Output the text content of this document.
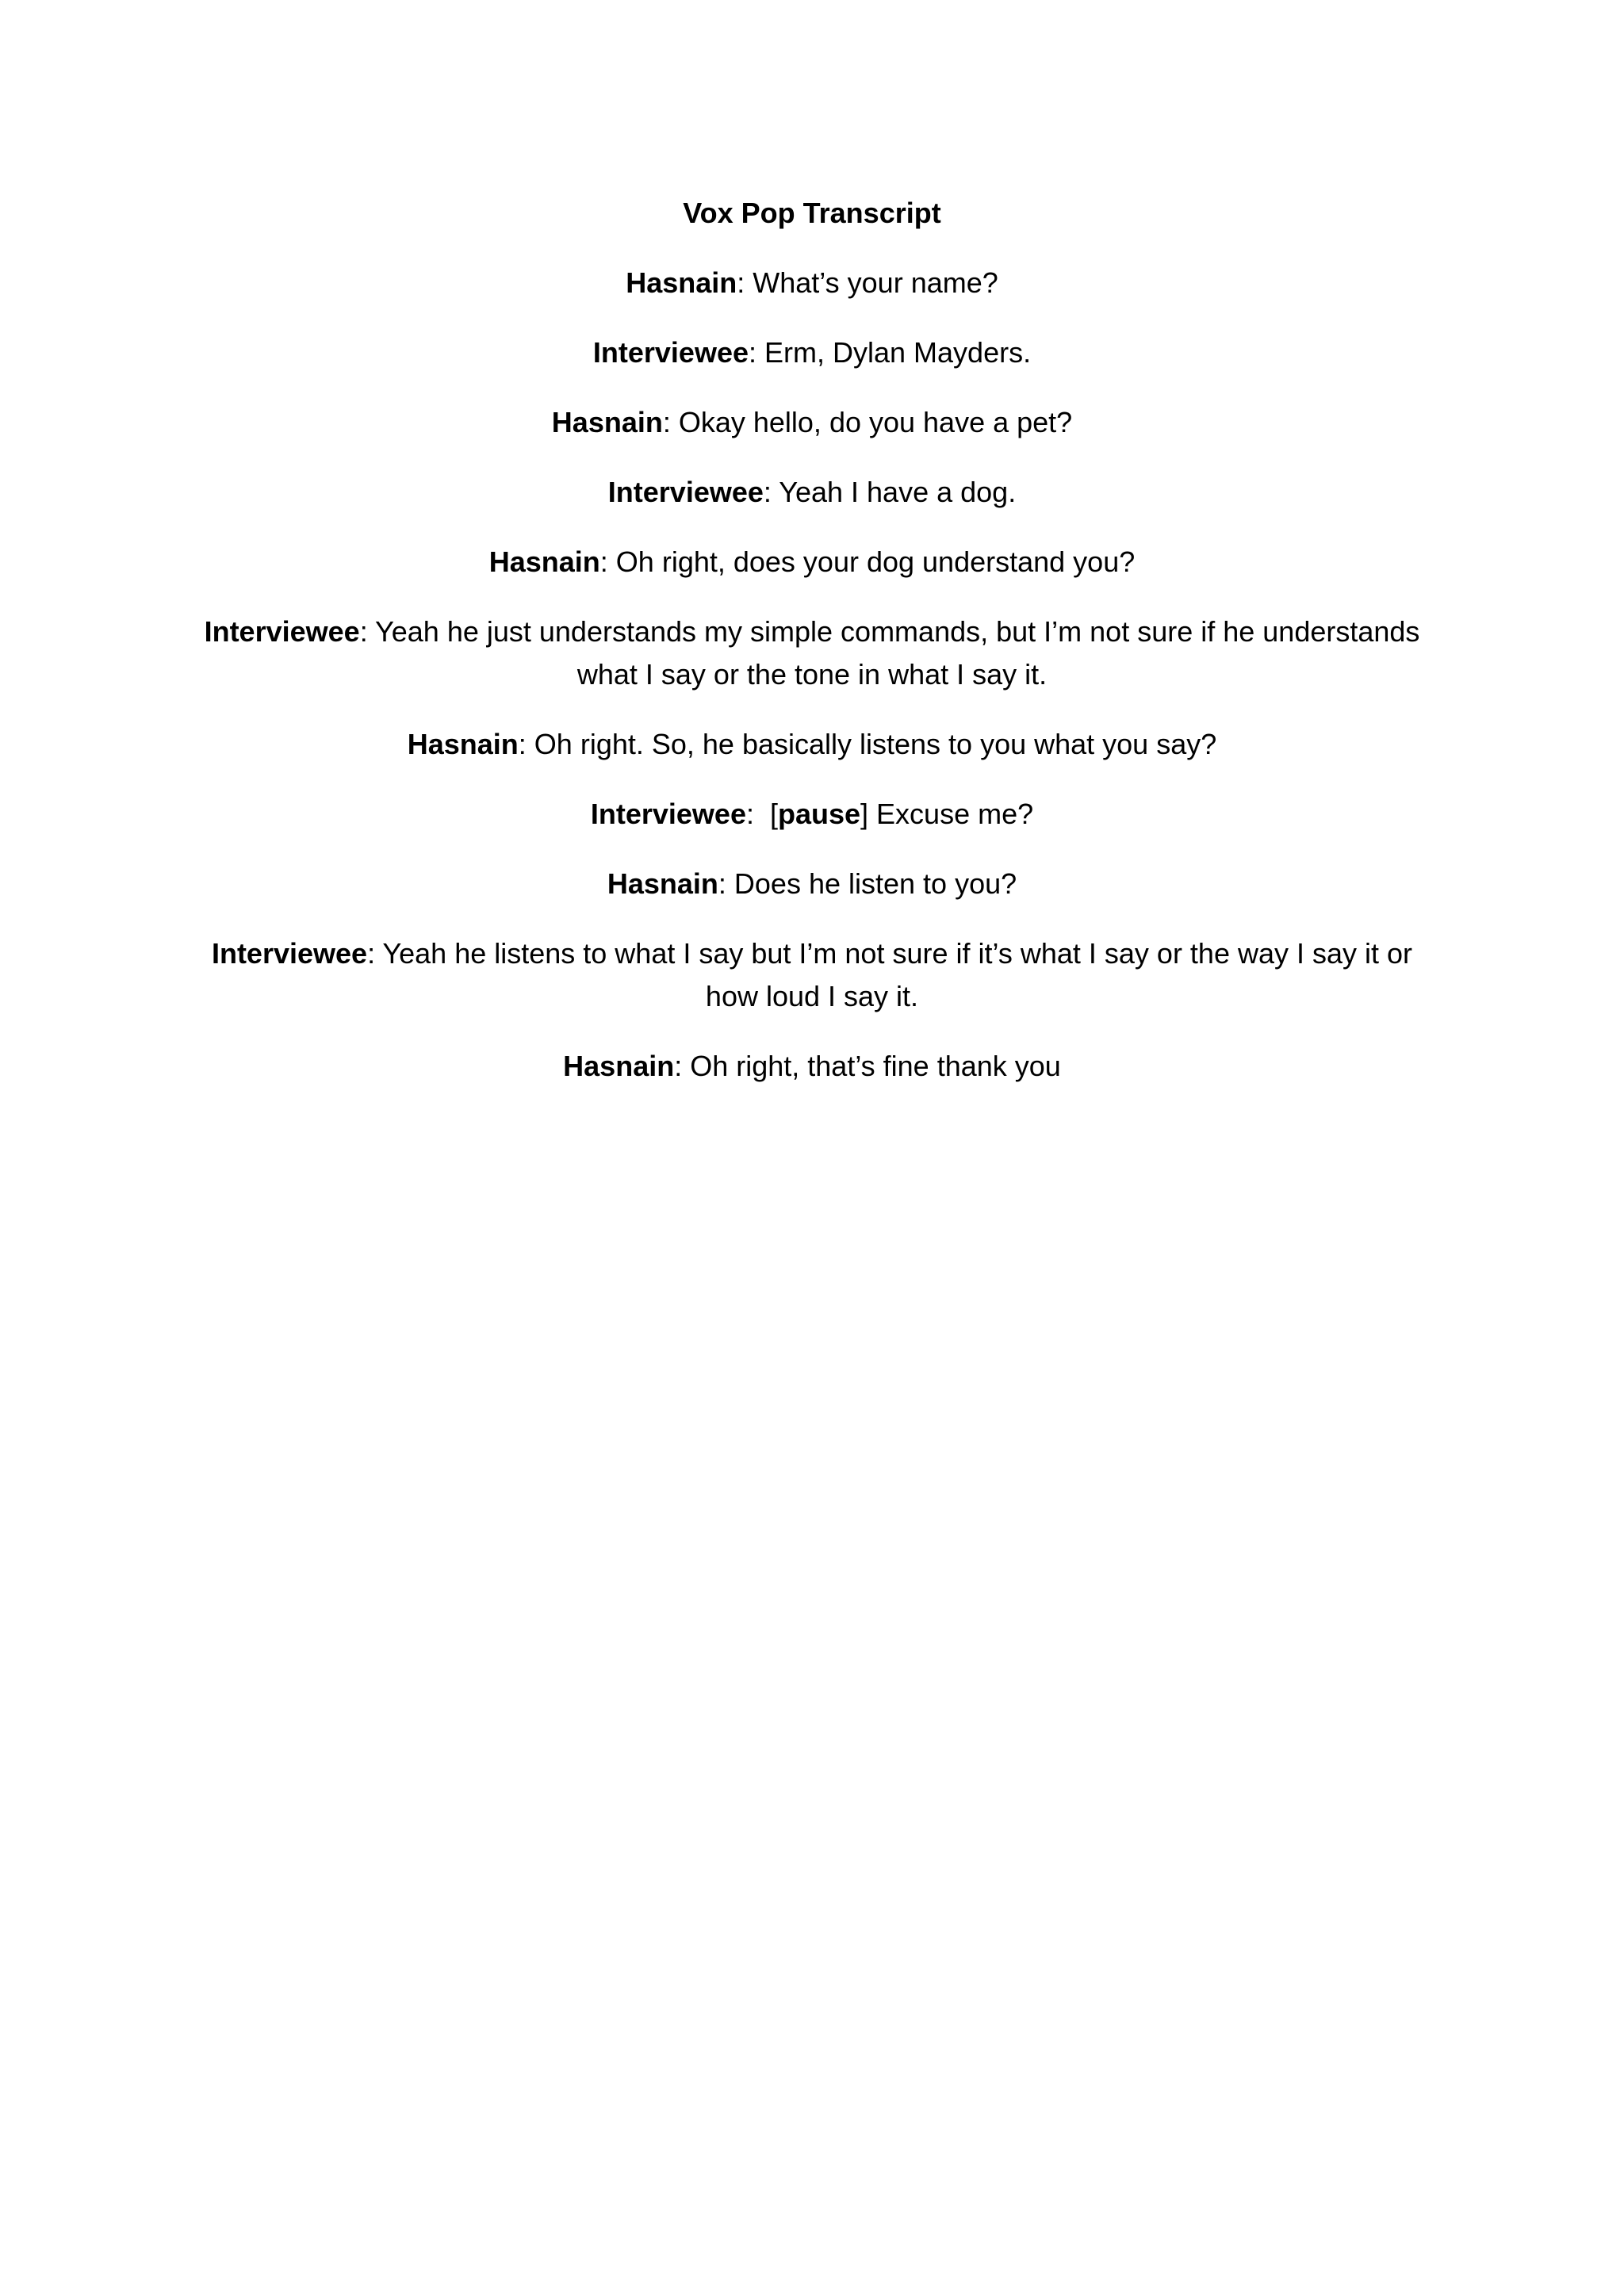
Vox Pop Transcript

Hasnain: What’s your name?

Interviewee: Erm, Dylan Mayders.

Hasnain: Okay hello, do you have a pet?

Interviewee: Yeah I have a dog.

Hasnain: Oh right, does your dog understand you?

Interviewee: Yeah he just understands my simple commands, but I’m not sure if he understands what I say or the tone in what I say it.

Hasnain: Oh right. So, he basically listens to you what you say?

Interviewee:  [pause] Excuse me?

Hasnain: Does he listen to you?

Interviewee: Yeah he listens to what I say but I’m not sure if it’s what I say or the way I say it or how loud I say it.

Hasnain: Oh right, that’s fine thank you
